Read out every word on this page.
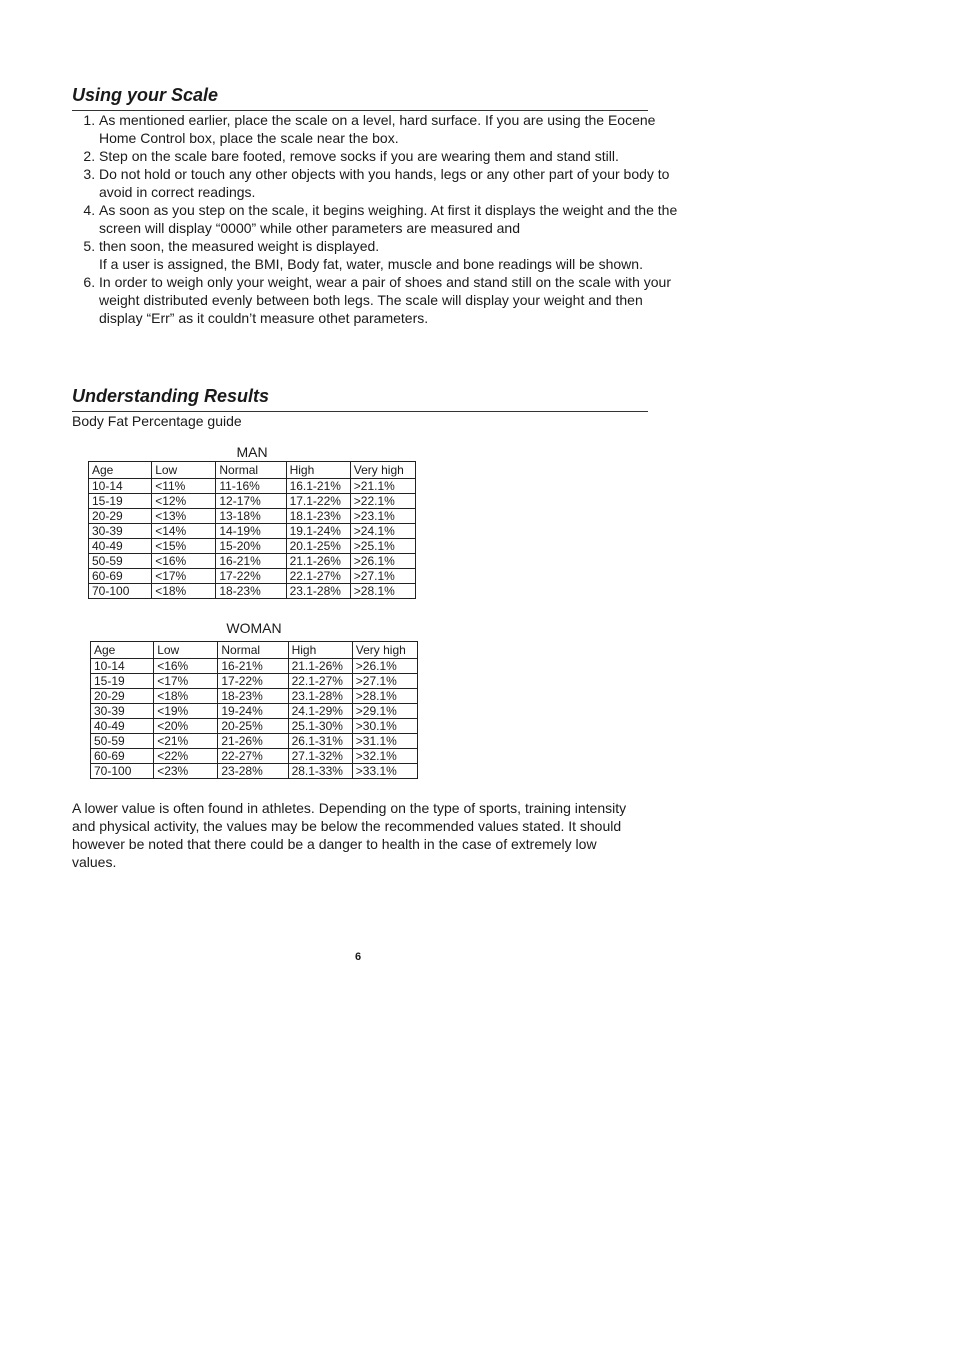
Using your Scale
1. As mentioned earlier, place the scale on a level, hard surface. If you are using the Eocene Home Control box, place the scale near the box.
2. Step on the scale bare footed, remove socks if you are wearing them and stand still.
3. Do not hold or touch any other objects with you hands, legs or any other part of your body to avoid in correct readings.
4. As soon as you step on the scale, it begins weighing. At first it displays the weight and the the screen will display “0000” while other parameters are measured and
5. then soon, the measured weight is displayed.
If a user is assigned, the BMI, Body fat, water, muscle and bone readings will be shown.
6. In order to weigh only your weight, wear a pair of shoes and stand still on the scale with your weight distributed evenly between both legs. The scale will display your weight and then display “Err” as it couldn’t measure othet parameters.
Understanding Results
Body Fat Percentage guide
MAN
Age	Low	Normal	High	Very high
10-14	<11%	11-16%	16.1-21%	>21.1%
15-19	<12%	12-17%	17.1-22%	>22.1%
20-29	<13%	13-18%	18.1-23%	>23.1%
30-39	<14%	14-19%	19.1-24%	>24.1%
40-49	<15%	15-20%	20.1-25%	>25.1%
50-59	<16%	16-21%	21.1-26%	>26.1%
60-69	<17%	17-22%	22.1-27%	>27.1%
70-100	<18%	18-23%	23.1-28%	>28.1%
WOMAN
Age	Low	Normal	High	Very high
10-14	<16%	16-21%	21.1-26%	>26.1%
15-19	<17%	17-22%	22.1-27%	>27.1%
20-29	<18%	18-23%	23.1-28%	>28.1%
30-39	<19%	19-24%	24.1-29%	>29.1%
40-49	<20%	20-25%	25.1-30%	>30.1%
50-59	<21%	21-26%	26.1-31%	>31.1%
60-69	<22%	22-27%	27.1-32%	>32.1%
70-100	<23%	23-28%	28.1-33%	>33.1%

A lower value is often found in athletes. Depending on the type of sports, training intensity and physical activity, the values may be below the recommended values stated. It should however be noted that there could be a danger to health in the case of extremely low values.

6
